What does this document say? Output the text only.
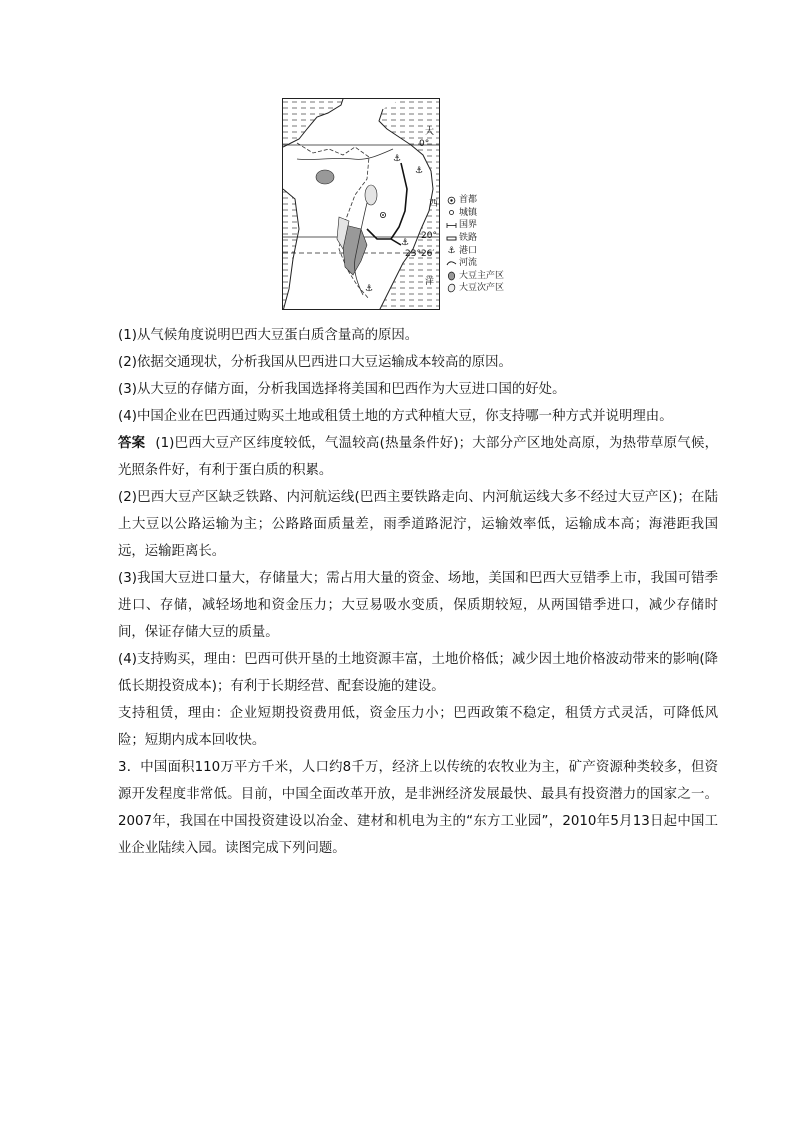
⚓
⚓
⚓
⚓
大
0°
西
20°
23°26′
洋
首都
城镇
国界
铁路
⚓ 港口
河流
大豆主产区
大豆次产区

(1)从气候角度说明巴西大豆蛋白质含量高的原因。

(2)依据交通现状，分析我国从巴西进口大豆运输成本较高的原因。

(3)从大豆的存储方面，分析我国选择将美国和巴西作为大豆进口国的好处。

(4)中国企业在巴西通过购买土地或租赁土地的方式种植大豆，你支持哪一种方式并说明理由。

答案 (1)巴西大豆产区纬度较低，气温较高(热量条件好)；大部分产区地处高原，为热带草原气候，光照条件好，有利于蛋白质的积累。

(2)巴西大豆产区缺乏铁路、内河航运线(巴西主要铁路走向、内河航运线大多不经过大豆产区)；在陆上大豆以公路运输为主；公路路面质量差，雨季道路泥泞，运输效率低，运输成本高；海港距我国远，运输距离长。

(3)我国大豆进口量大，存储量大；需占用大量的资金、场地，美国和巴西大豆错季上市，我国可错季进口、存储，减轻场地和资金压力；大豆易吸水变质，保质期较短，从两国错季进口，减少存储时间，保证存储大豆的质量。

(4)支持购买，理由：巴西可供开垦的土地资源丰富，土地价格低；减少因土地价格波动带来的影响(降低长期投资成本)；有利于长期经营、配套设施的建设。

支持租赁，理由：企业短期投资费用低，资金压力小；巴西政策不稳定，租赁方式灵活，可降低风险；短期内成本回收快。

3．中国面积110万平方千米，人口约8千万，经济上以传统的农牧业为主，矿产资源种类较多，但资源开发程度非常低。目前，中国全面改革开放，是非洲经济发展最快、最具有投资潜力的国家之一。2007年，我国在中国投资建设以冶金、建材和机电为主的“东方工业园”，2010年5月13日起中国工业企业陆续入园。读图完成下列问题。
